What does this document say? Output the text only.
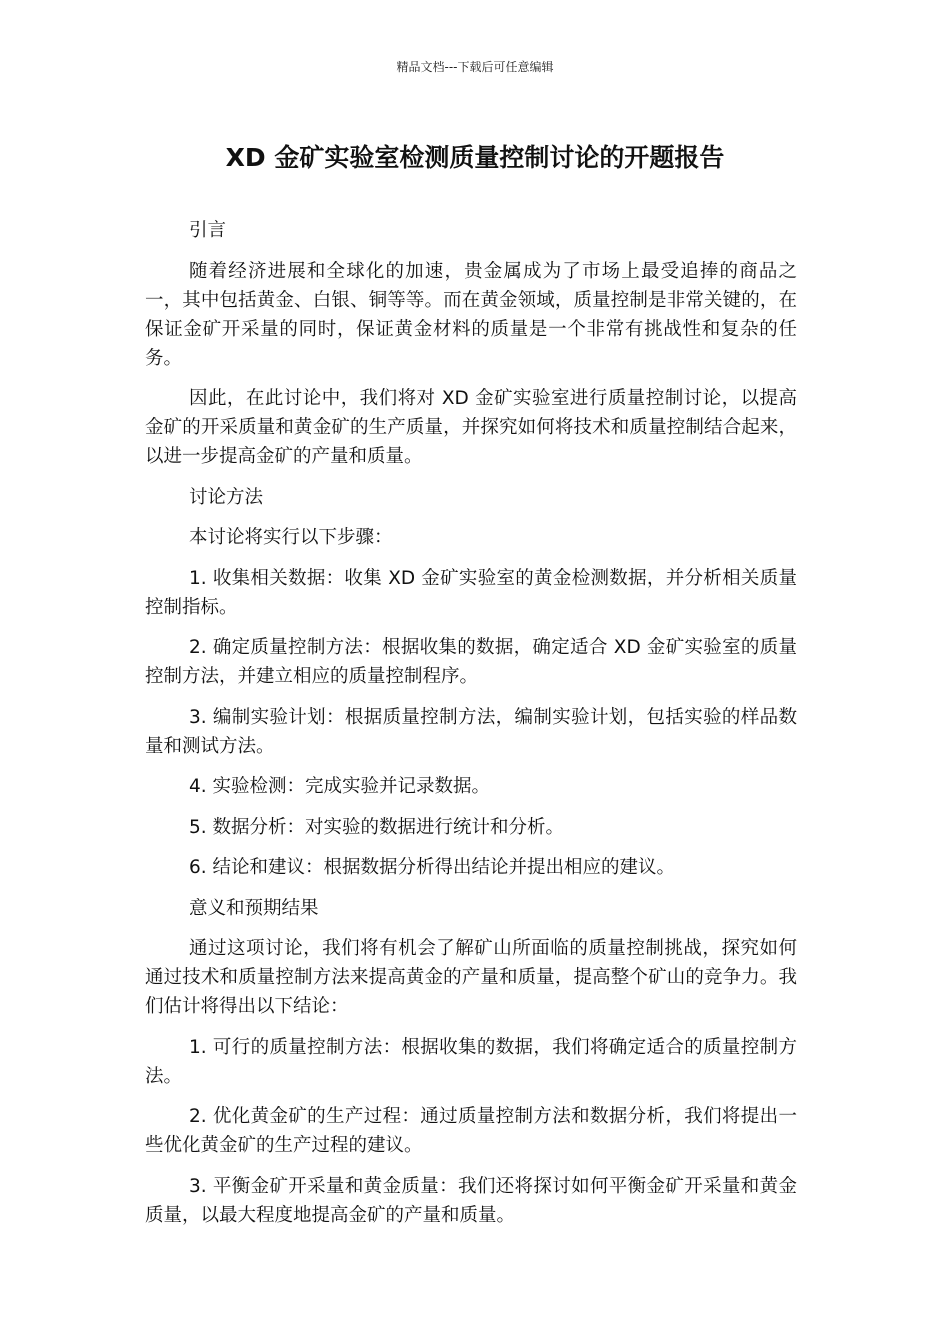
精品文档---下载后可任意编辑
XD 金矿实验室检测质量控制讨论的开题报告

引言

随着经济进展和全球化的加速，贵金属成为了市场上最受追捧的商品之一，其中包括黄金、白银、铜等等。而在黄金领域，质量控制是非常关键的，在保证金矿开采量的同时，保证黄金材料的质量是一个非常有挑战性和复杂的任务。

因此，在此讨论中，我们将对 XD 金矿实验室进行质量控制讨论，以提高金矿的开采质量和黄金矿的生产质量，并探究如何将技术和质量控制结合起来，以进一步提高金矿的产量和质量。

讨论方法

本讨论将实行以下步骤：

1. 收集相关数据：收集 XD 金矿实验室的黄金检测数据，并分析相关质量控制指标。

2. 确定质量控制方法：根据收集的数据，确定适合 XD 金矿实验室的质量控制方法，并建立相应的质量控制程序。

3. 编制实验计划：根据质量控制方法，编制实验计划，包括实验的样品数量和测试方法。

4. 实验检测：完成实验并记录数据。

5. 数据分析：对实验的数据进行统计和分析。

6. 结论和建议：根据数据分析得出结论并提出相应的建议。

意义和预期结果

通过这项讨论，我们将有机会了解矿山所面临的质量控制挑战，探究如何通过技术和质量控制方法来提高黄金的产量和质量，提高整个矿山的竞争力。我们估计将得出以下结论：

1. 可行的质量控制方法：根据收集的数据，我们将确定适合的质量控制方法。

2. 优化黄金矿的生产过程：通过质量控制方法和数据分析，我们将提出一些优化黄金矿的生产过程的建议。

3. 平衡金矿开采量和黄金质量：我们还将探讨如何平衡金矿开采量和黄金质量，以最大程度地提高金矿的产量和质量。
